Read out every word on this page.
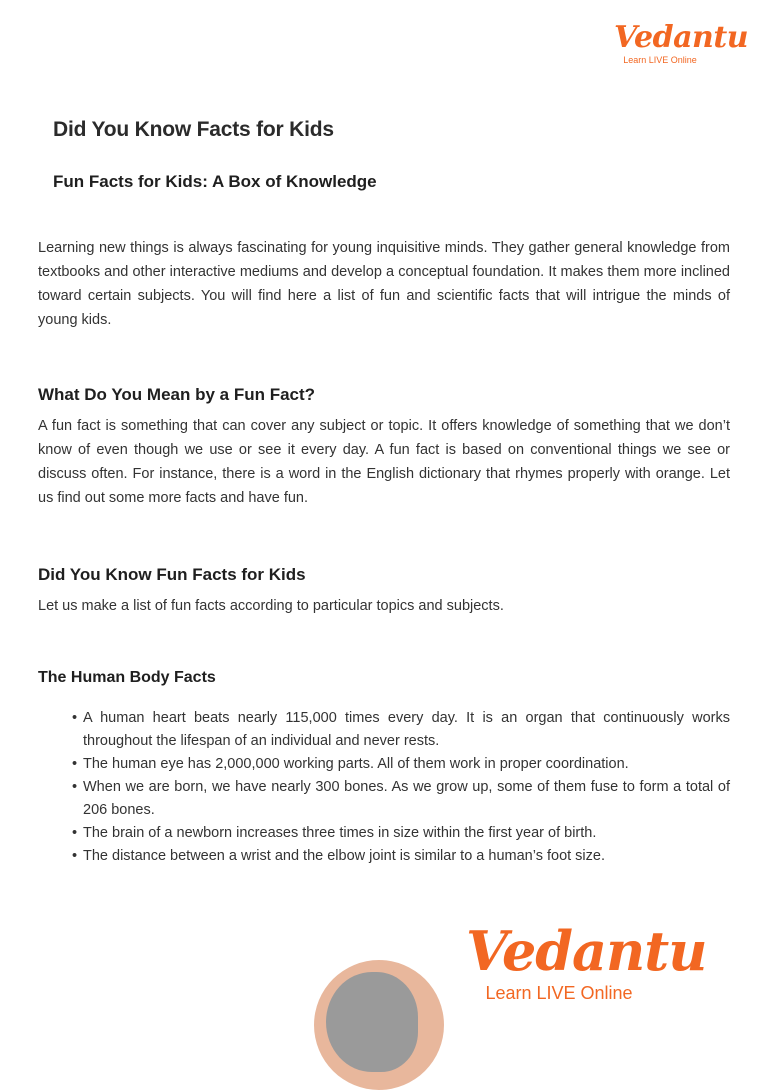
Vedantu
Learn LIVE Online
Did You Know Facts for Kids
Fun Facts for Kids: A Box of Knowledge
Learning new things is always fascinating for young inquisitive minds. They gather general knowledge from textbooks and other interactive mediums and develop a conceptual foundation. It makes them more inclined toward certain subjects. You will find here a list of fun and scientific facts that will intrigue the minds of young kids.
What Do You Mean by a Fun Fact?
A fun fact is something that can cover any subject or topic. It offers knowledge of something that we don’t know of even though we use or see it every day. A fun fact is based on conventional things we see or discuss often. For instance, there is a word in the English dictionary that rhymes properly with orange. Let us find out some more facts and have fun.
Did You Know Fun Facts for Kids
Let us make a list of fun facts according to particular topics and subjects.
The Human Body Facts
• A human heart beats nearly 115,000 times every day. It is an organ that continuously works throughout the lifespan of an individual and never rests.
• The human eye has 2,000,000 working parts. All of them work in proper coordination.
• When we are born, we have nearly 300 bones. As we grow up, some of them fuse to form a total of 206 bones.
• The brain of a newborn increases three times in size within the first year of birth.
• The distance between a wrist and the elbow joint is similar to a human’s foot size.
Vedantu
Learn LIVE Online
